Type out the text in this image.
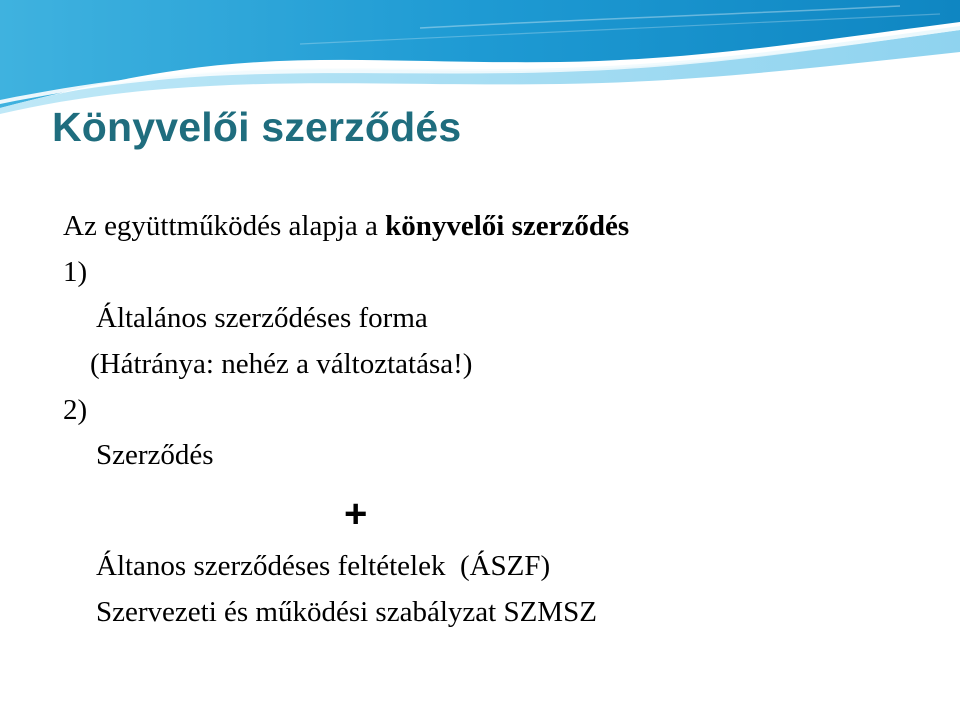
Könyvelői szerződés
Az együttműködés alapja a könyvelői szerződés
1)
Általános szerződéses forma
(Hátránya: nehéz a változtatása!)
2)
Szerződés
+
Áltanos szerződéses feltételek  (ÁSZF)
Szervezeti és működési szabályzat SZMSZ
